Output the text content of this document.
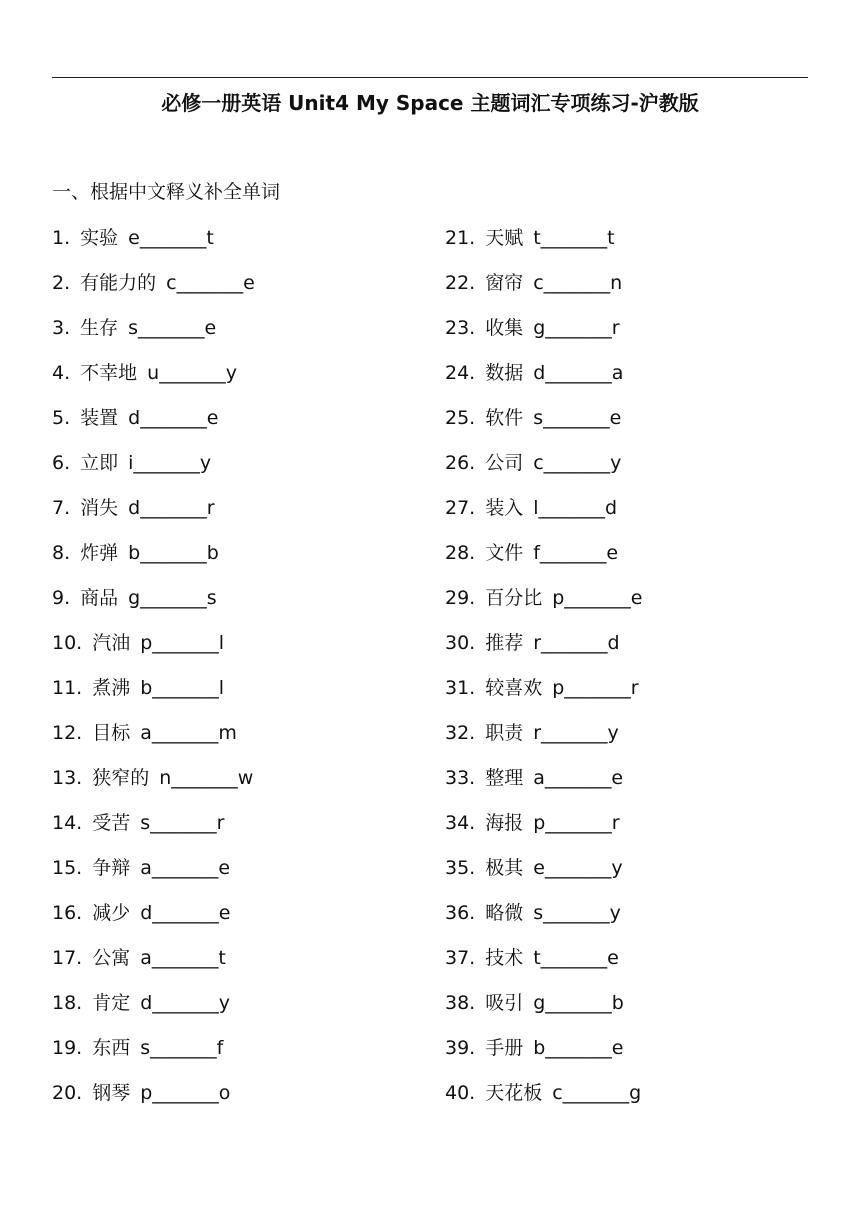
必修一册英语 Unit4 My Space 主题词汇专项练习-沪教版
一、根据中文释义补全单词
1. 实验 e_______t
2. 有能力的 c_______e
3. 生存 s_______e
4. 不幸地 u_______y
5. 装置 d_______e
6. 立即 i_______y
7. 消失 d_______r
8. 炸弹 b_______b
9. 商品 g_______s
10. 汽油 p_______l
11. 煮沸 b_______l
12. 目标 a_______m
13. 狭窄的 n_______w
14. 受苦 s_______r
15. 争辩 a_______e
16. 减少 d_______e
17. 公寓 a_______t
18. 肯定 d_______y
19. 东西 s_______f
20. 钢琴 p_______o
21. 天赋 t_______t
22. 窗帘 c_______n
23. 收集 g_______r
24. 数据 d_______a
25. 软件 s_______e
26. 公司 c_______y
27. 装入 l_______d
28. 文件 f_______e
29. 百分比 p_______e
30. 推荐 r_______d
31. 较喜欢 p_______r
32. 职责 r_______y
33. 整理 a_______e
34. 海报 p_______r
35. 极其 e_______y
36. 略微 s_______y
37. 技术 t_______e
38. 吸引 g_______b
39. 手册 b_______e
40. 天花板 c_______g
